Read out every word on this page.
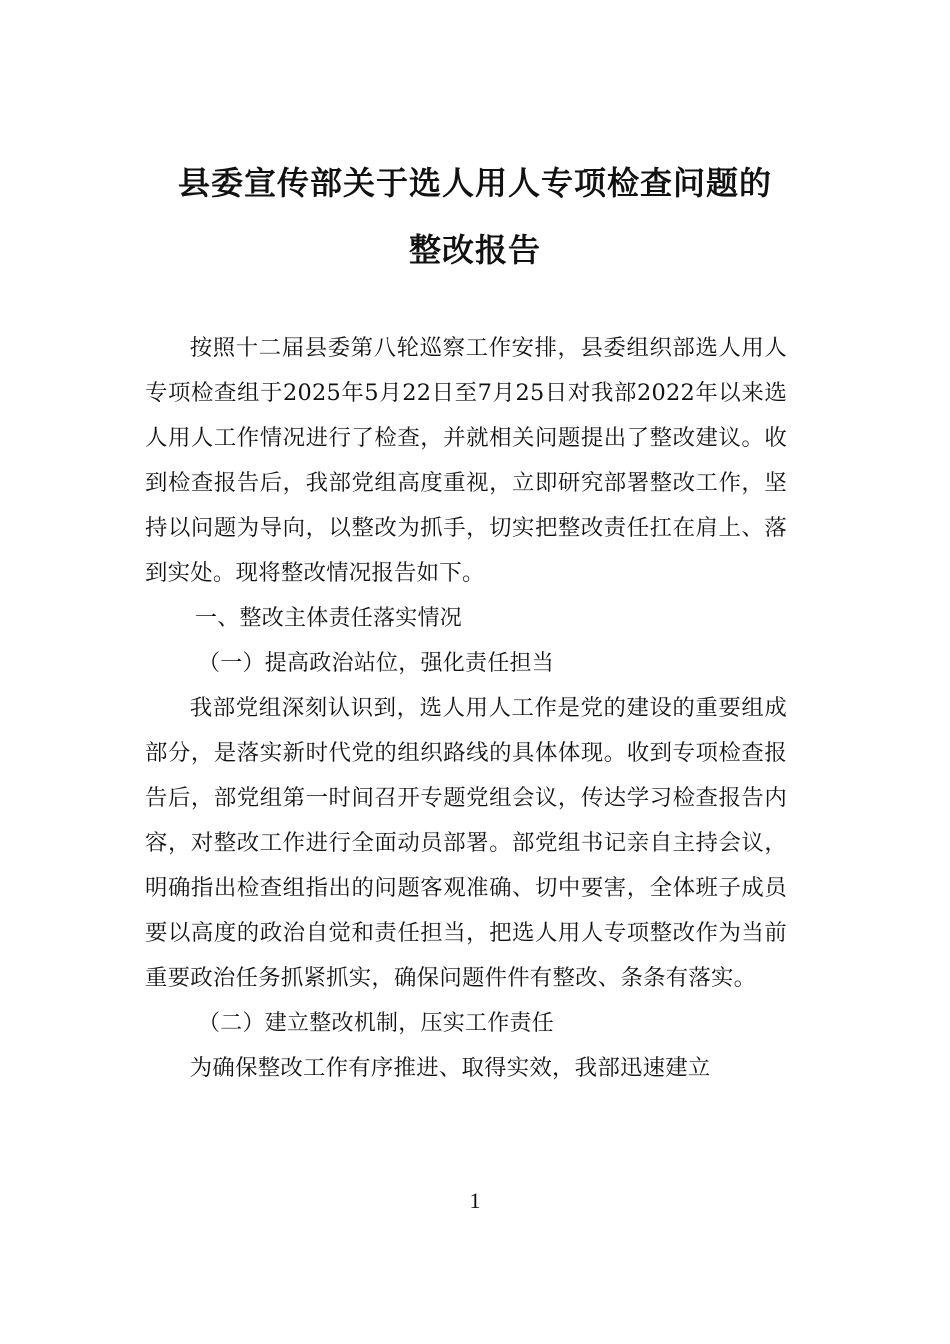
县委宣传部关于选人用人专项检查问题的
整改报告

按照十二届县委第八轮巡察工作安排，县委组织部选人用人专项检查组于2025年5月22日至7月25日对我部2022年以来选人用人工作情况进行了检查，并就相关问题提出了整改建议。收到检查报告后，我部党组高度重视，立即研究部署整改工作，坚持以问题为导向，以整改为抓手，切实把整改责任扛在肩上、落到实处。现将整改情况报告如下。

一、整改主体责任落实情况

（一）提高政治站位，强化责任担当

我部党组深刻认识到，选人用人工作是党的建设的重要组成部分，是落实新时代党的组织路线的具体体现。收到专项检查报告后，部党组第一时间召开专题党组会议，传达学习检查报告内容，对整改工作进行全面动员部署。部党组书记亲自主持会议，明确指出检查组指出的问题客观准确、切中要害，全体班子成员要以高度的政治自觉和责任担当，把选人用人专项整改作为当前重要政治任务抓紧抓实，确保问题件件有整改、条条有落实。

（二）建立整改机制，压实工作责任

为确保整改工作有序推进、取得实效，我部迅速建立

1
